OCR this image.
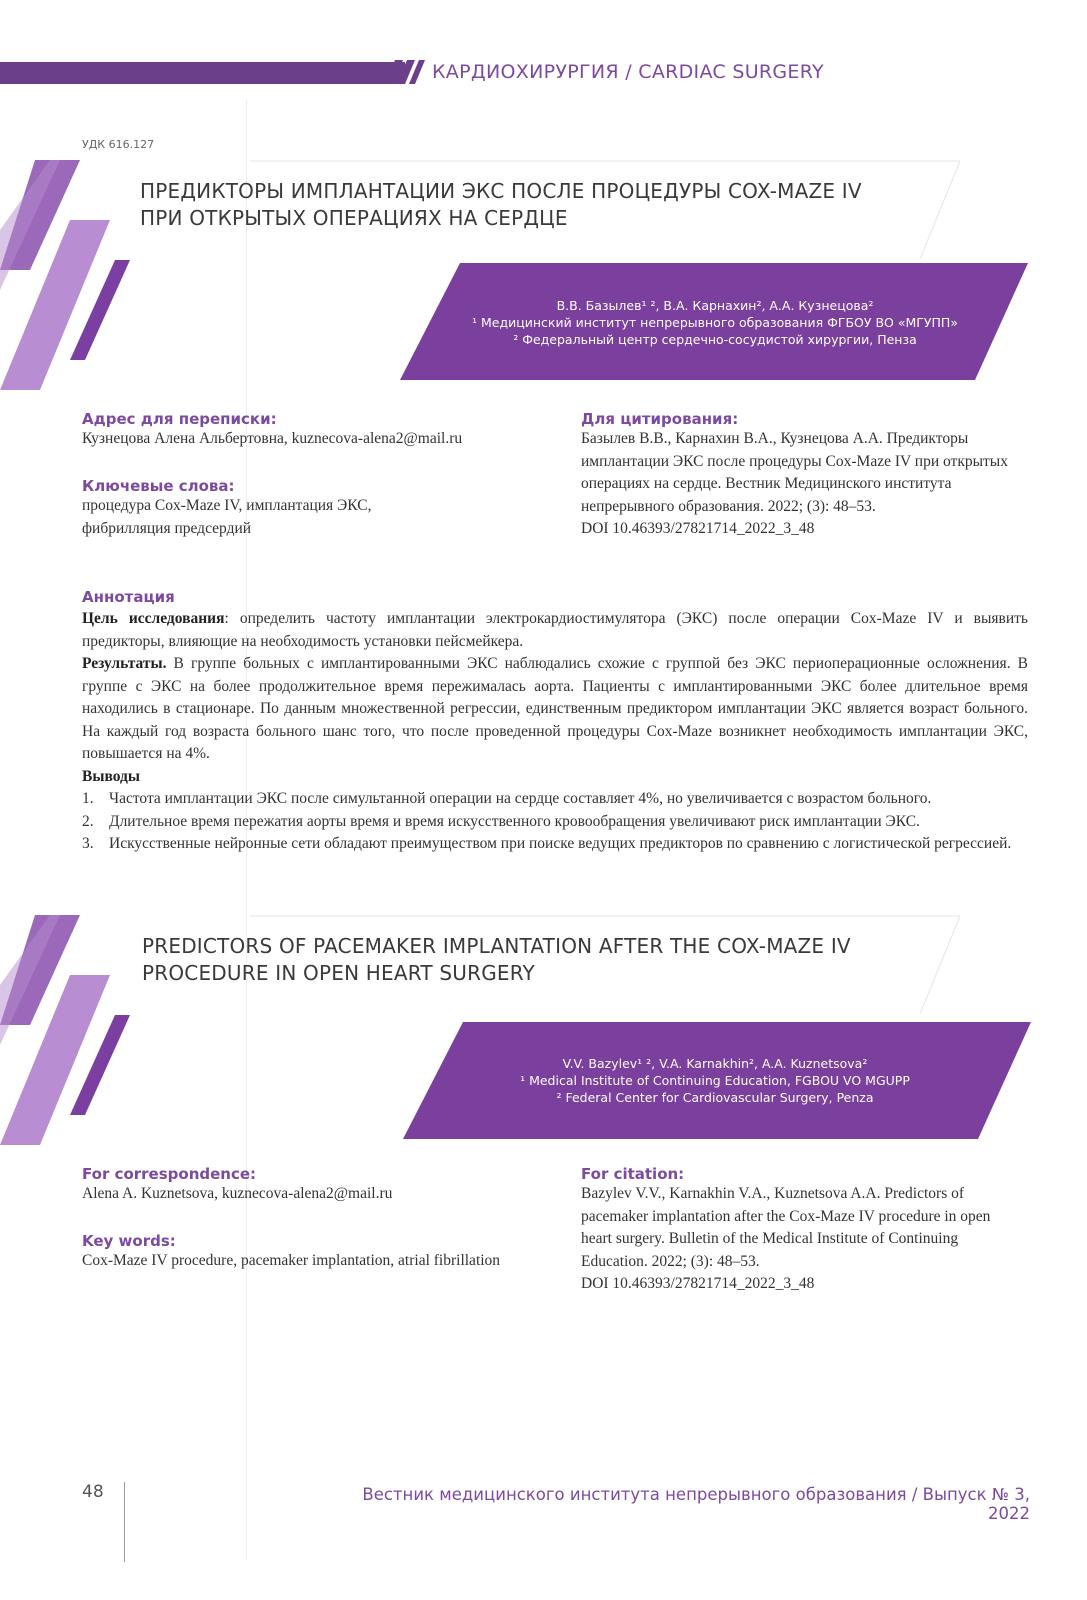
КАРДИОХИРУРГИЯ / CARDIAC SURGERY
УДК 616.127
ПРЕДИКТОРЫ ИМПЛАНТАЦИИ ЭКС ПОСЛЕ ПРОЦЕДУРЫ COX-MAZE IV
ПРИ ОТКРЫТЫХ ОПЕРАЦИЯХ НА СЕРДЦЕ
В.В. Базылев¹ ², В.А. Карнахин², А.А. Кузнецова²
¹ Медицинский институт непрерывного образования ФГБОУ ВО «МГУПП»
² Федеральный центр сердечно-сосудистой хирургии, Пенза
Адрес для переписки:
Кузнецова Алена Альбертовна, kuznecova-alena2@mail.ru
Ключевые слова:
процедура Cox-Maze IV, имплантация ЭКС, фибрилляция предсердий
Для цитирования:
Базылев В.В., Карнахин В.А., Кузнецова А.А. Предикторы имплантации ЭКС после процедуры Cox-Maze IV при открытых операциях на сердце. Вестник Медицинского института непрерывного образования. 2022; (3): 48–53.
DOI 10.46393/27821714_2022_3_48
Аннотация

Цель исследования: определить частоту имплантации электрокардиостимулятора (ЭКС) после операции Cox-Maze IV и выявить предикторы, влияющие на необходимость установки пейсмейкера.

Результаты. В группе больных с имплантированными ЭКС наблюдались схожие с группой без ЭКС периоперационные осложнения. В группе с ЭКС на более продолжительное время пережималась аорта. Пациенты с имплантированными ЭКС более длительное время находились в стационаре. По данным множественной регрессии, единственным предиктором имплантации ЭКС является возраст больного. На каждый год возраста больного шанс того, что после проведенной процедуры Cox-Maze возникнет необходимость имплантации ЭКС, повышается на 4%.

Выводы

1. Частота имплантации ЭКС после симультанной операции на сердце составляет 4%, но увеличивается с возрастом больного.
2. Длительное время пережатия аорты время и время искусственного кровообращения увеличивают риск имплантации ЭКС.
3. Искусственные нейронные сети обладают преимуществом при поиске ведущих предикторов по сравнению с логистической регрессией.
PREDICTORS OF PACEMAKER IMPLANTATION AFTER THE COX-MAZE IV
PROCEDURE IN OPEN HEART SURGERY
V.V. Bazylev¹ ², V.A. Karnakhin², A.A. Kuznetsova²
¹ Medical Institute of Continuing Education, FGBOU VO MGUPP
² Federal Center for Cardiovascular Surgery, Penza
For correspondence:
Alena A. Kuznetsova, kuznecova-alena2@mail.ru
Key words:
Cox-Maze IV procedure, pacemaker implantation, atrial fibrillation
For citation:
Bazylev V.V., Karnakhin V.A., Kuznetsova A.A. Predictors of pacemaker implantation after the Cox-Maze IV procedure in open heart surgery. Bulletin of the Medical Institute of Continuing Education. 2022; (3): 48–53.
DOI 10.46393/27821714_2022_3_48
48	Вестник медицинского института непрерывного образования / Выпуск № 3, 2022
